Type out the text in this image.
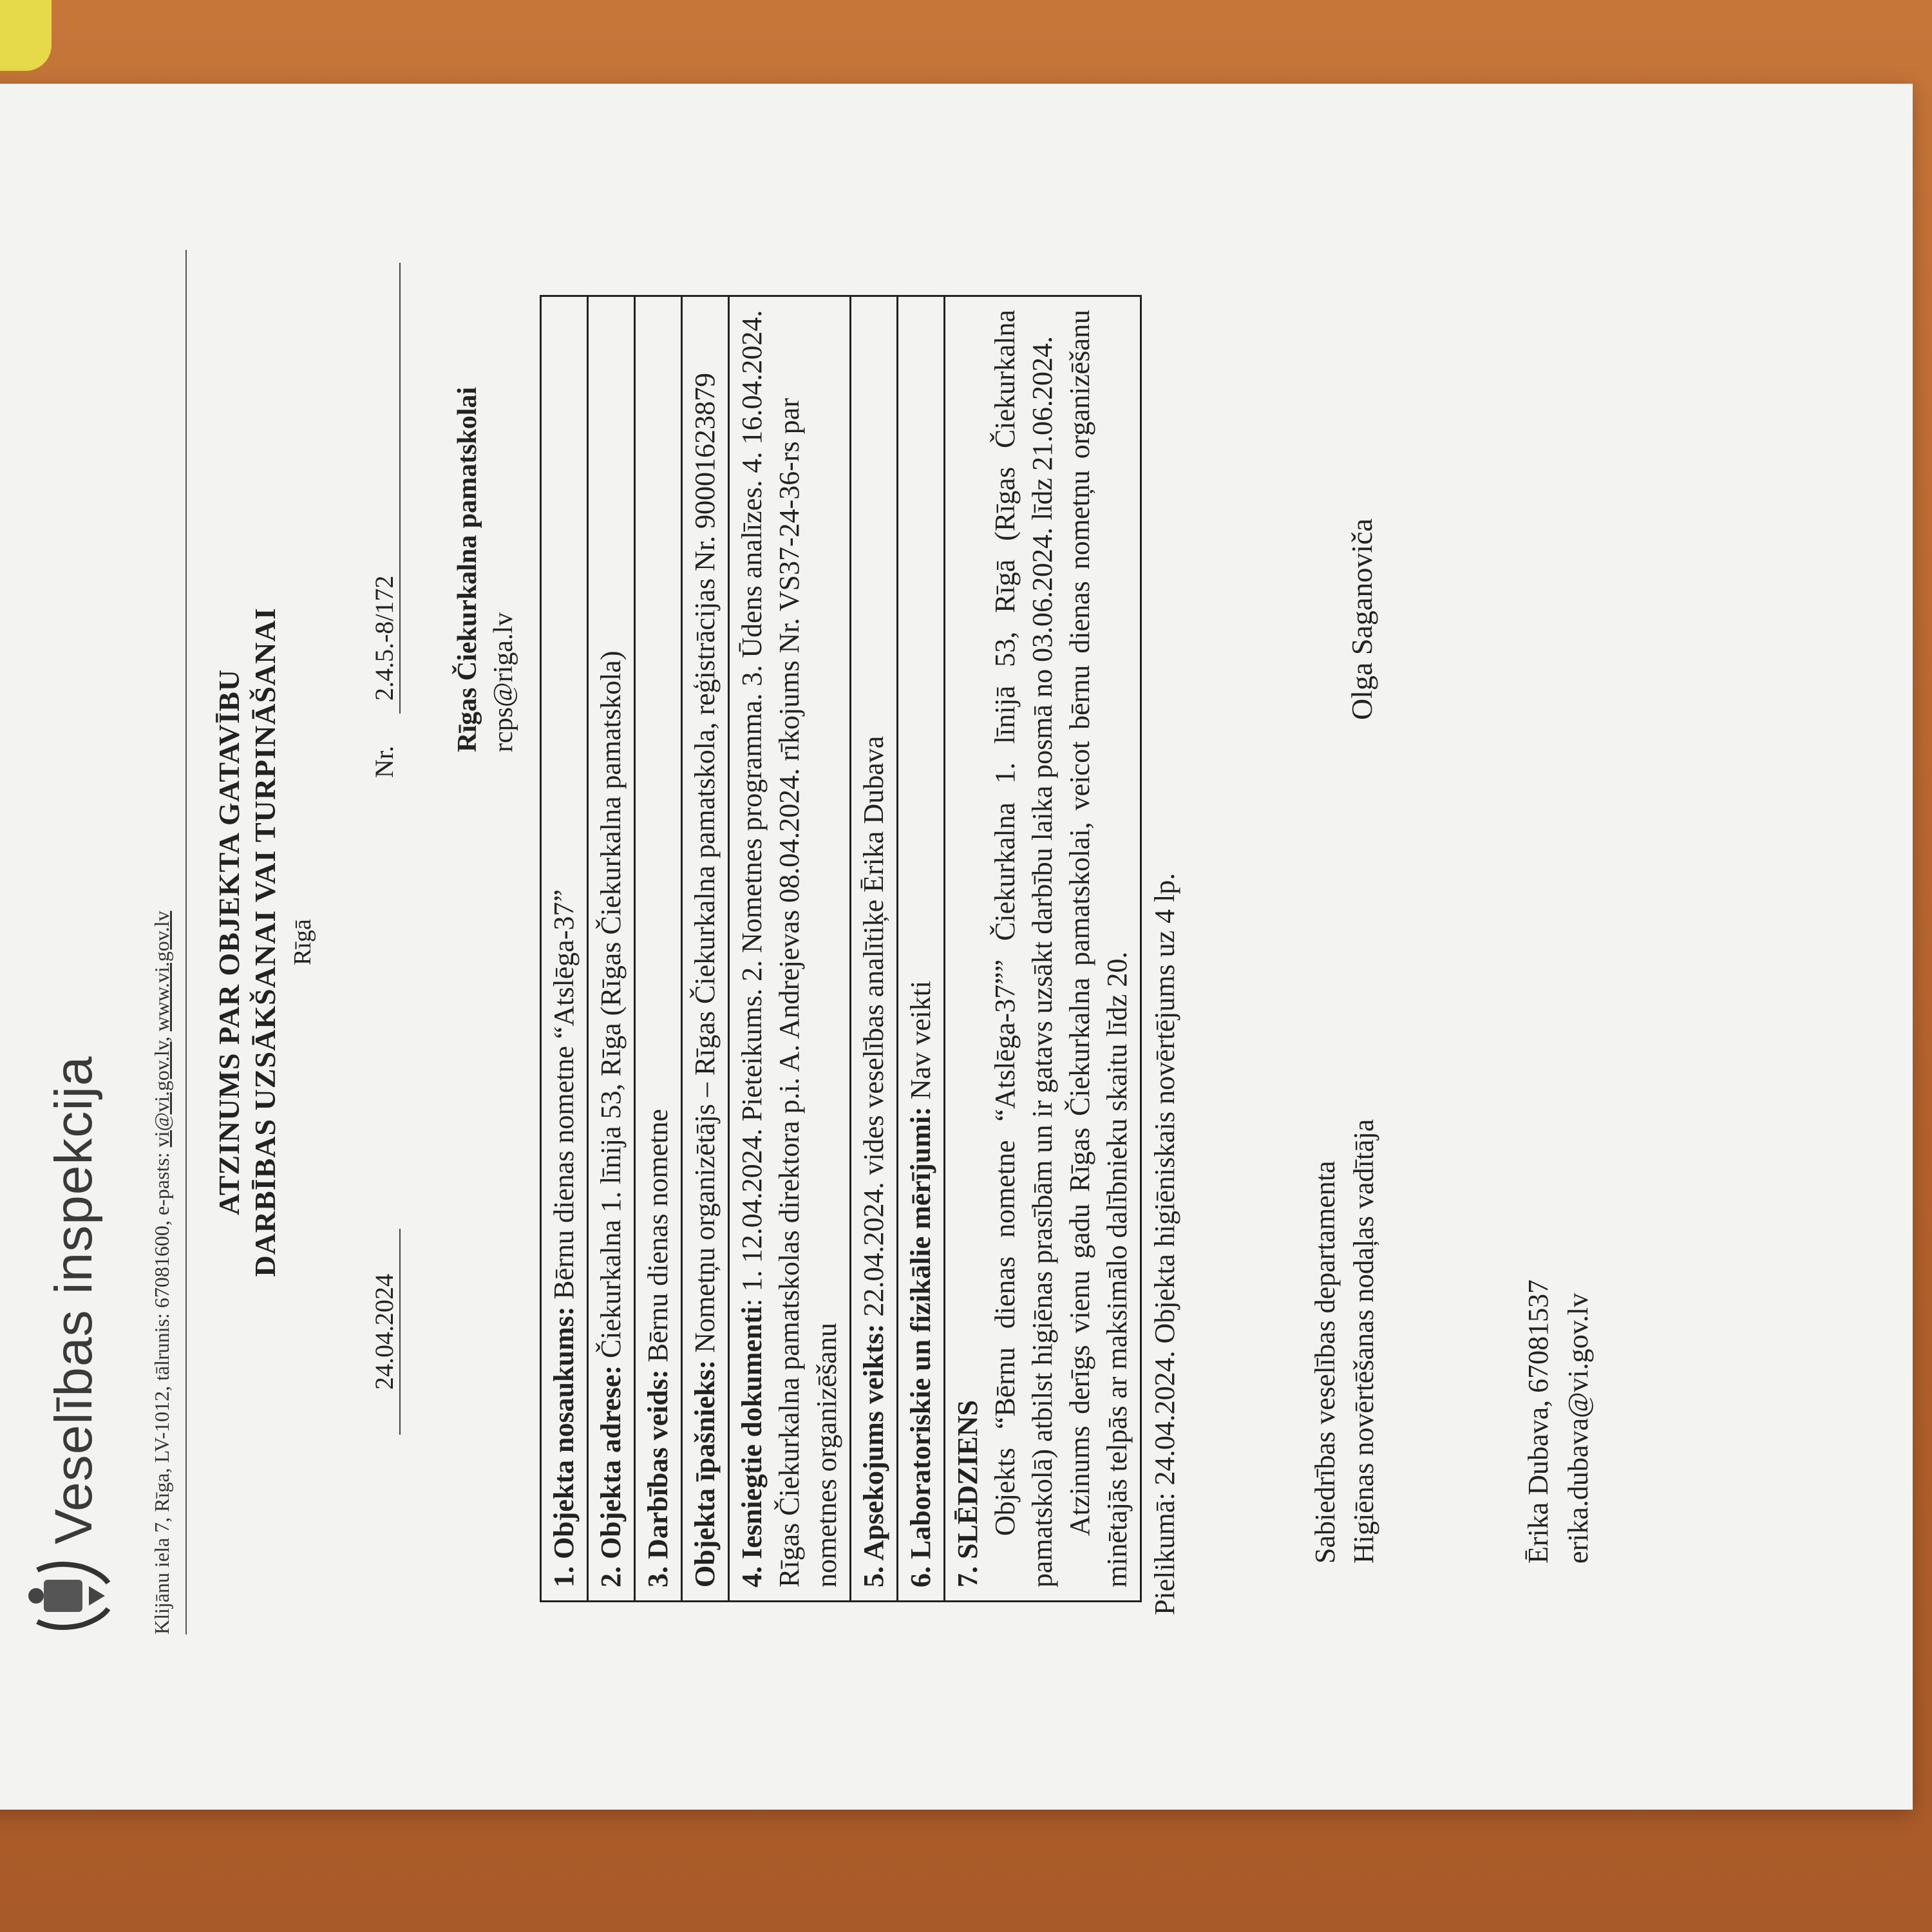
Veselības inspekcija Klijānu iela 7, Rīga, LV-1012, tālrunis: 67081600, e-pasts: vi@vi.gov.lv, www.vi.gov.lv	ATZINUMS PAR OBJEKTA GATAVĪBU DARBĪBAS UZSĀKŠANAI VAI TURPINĀŠANAI Rīgā
24.04.2024
Nr.
2.4.5.-8/172 Rīgas Čiekurkalna pamatskolai rcps@riga.lv
1. Objekta nosaukums: Bērnu dienas nometne “Atslēga-37”
2. Objekta adrese: Čiekurkalna 1. līnija 53, Rīga (Rīgas Čiekurkalna pamatskola)
3. Darbības veids: Bērnu dienas nometne
Objekta īpašnieks: Nometņu organizētājs – Rīgas Čiekurkalna pamatskola, reģistrācijas Nr. 90001623879
4. Iesniegtie dokumenti: 1. 12.04.2024. Pieteikums. 2. Nometnes programma. 3. Ūdens analīzes. 4. 16.04.2024. Rīgas Čiekurkalna pamatskolas direktora p.i. A. Andrejevas 08.04.2024. rīkojums Nr. VS37-24-36-rs par nometnes organizēšanu 5. Apsekojums veikts: 22.04.2024. vides veselības analītiķe Ērika Dubava
6. Laboratoriskie un fizikālie mērījumi: Nav veikti
7. SLĒDZIENS Objekts “Bērnu dienas nometne “Atslēga-37”” Čiekurkalna 1. līnijā 53, Rīgā (Rīgas Čiekurkalna pamatskolā) atbilst higiēnas prasībām un ir gatavs uzsākt darbību laika posmā no 03.06.2024. līdz 21.06.2024. Atzinums derīgs vienu gadu Rīgas Čiekurkalna pamatskolai, veicot bērnu dienas nometņu organizēšanu minētajās telpās ar maksimālo dalībnieku skaitu līdz 20. Pielikumā: 24.04.2024. Objekta higiēniskais novērtējums uz 4 lp.	Sabiedrības veselības departamenta Higiēnas novērtēšanas nodaļas vadītāja
Olga Saganoviča
Ērika Dubava, 67081537 erika.dubava@vi.gov.lv
